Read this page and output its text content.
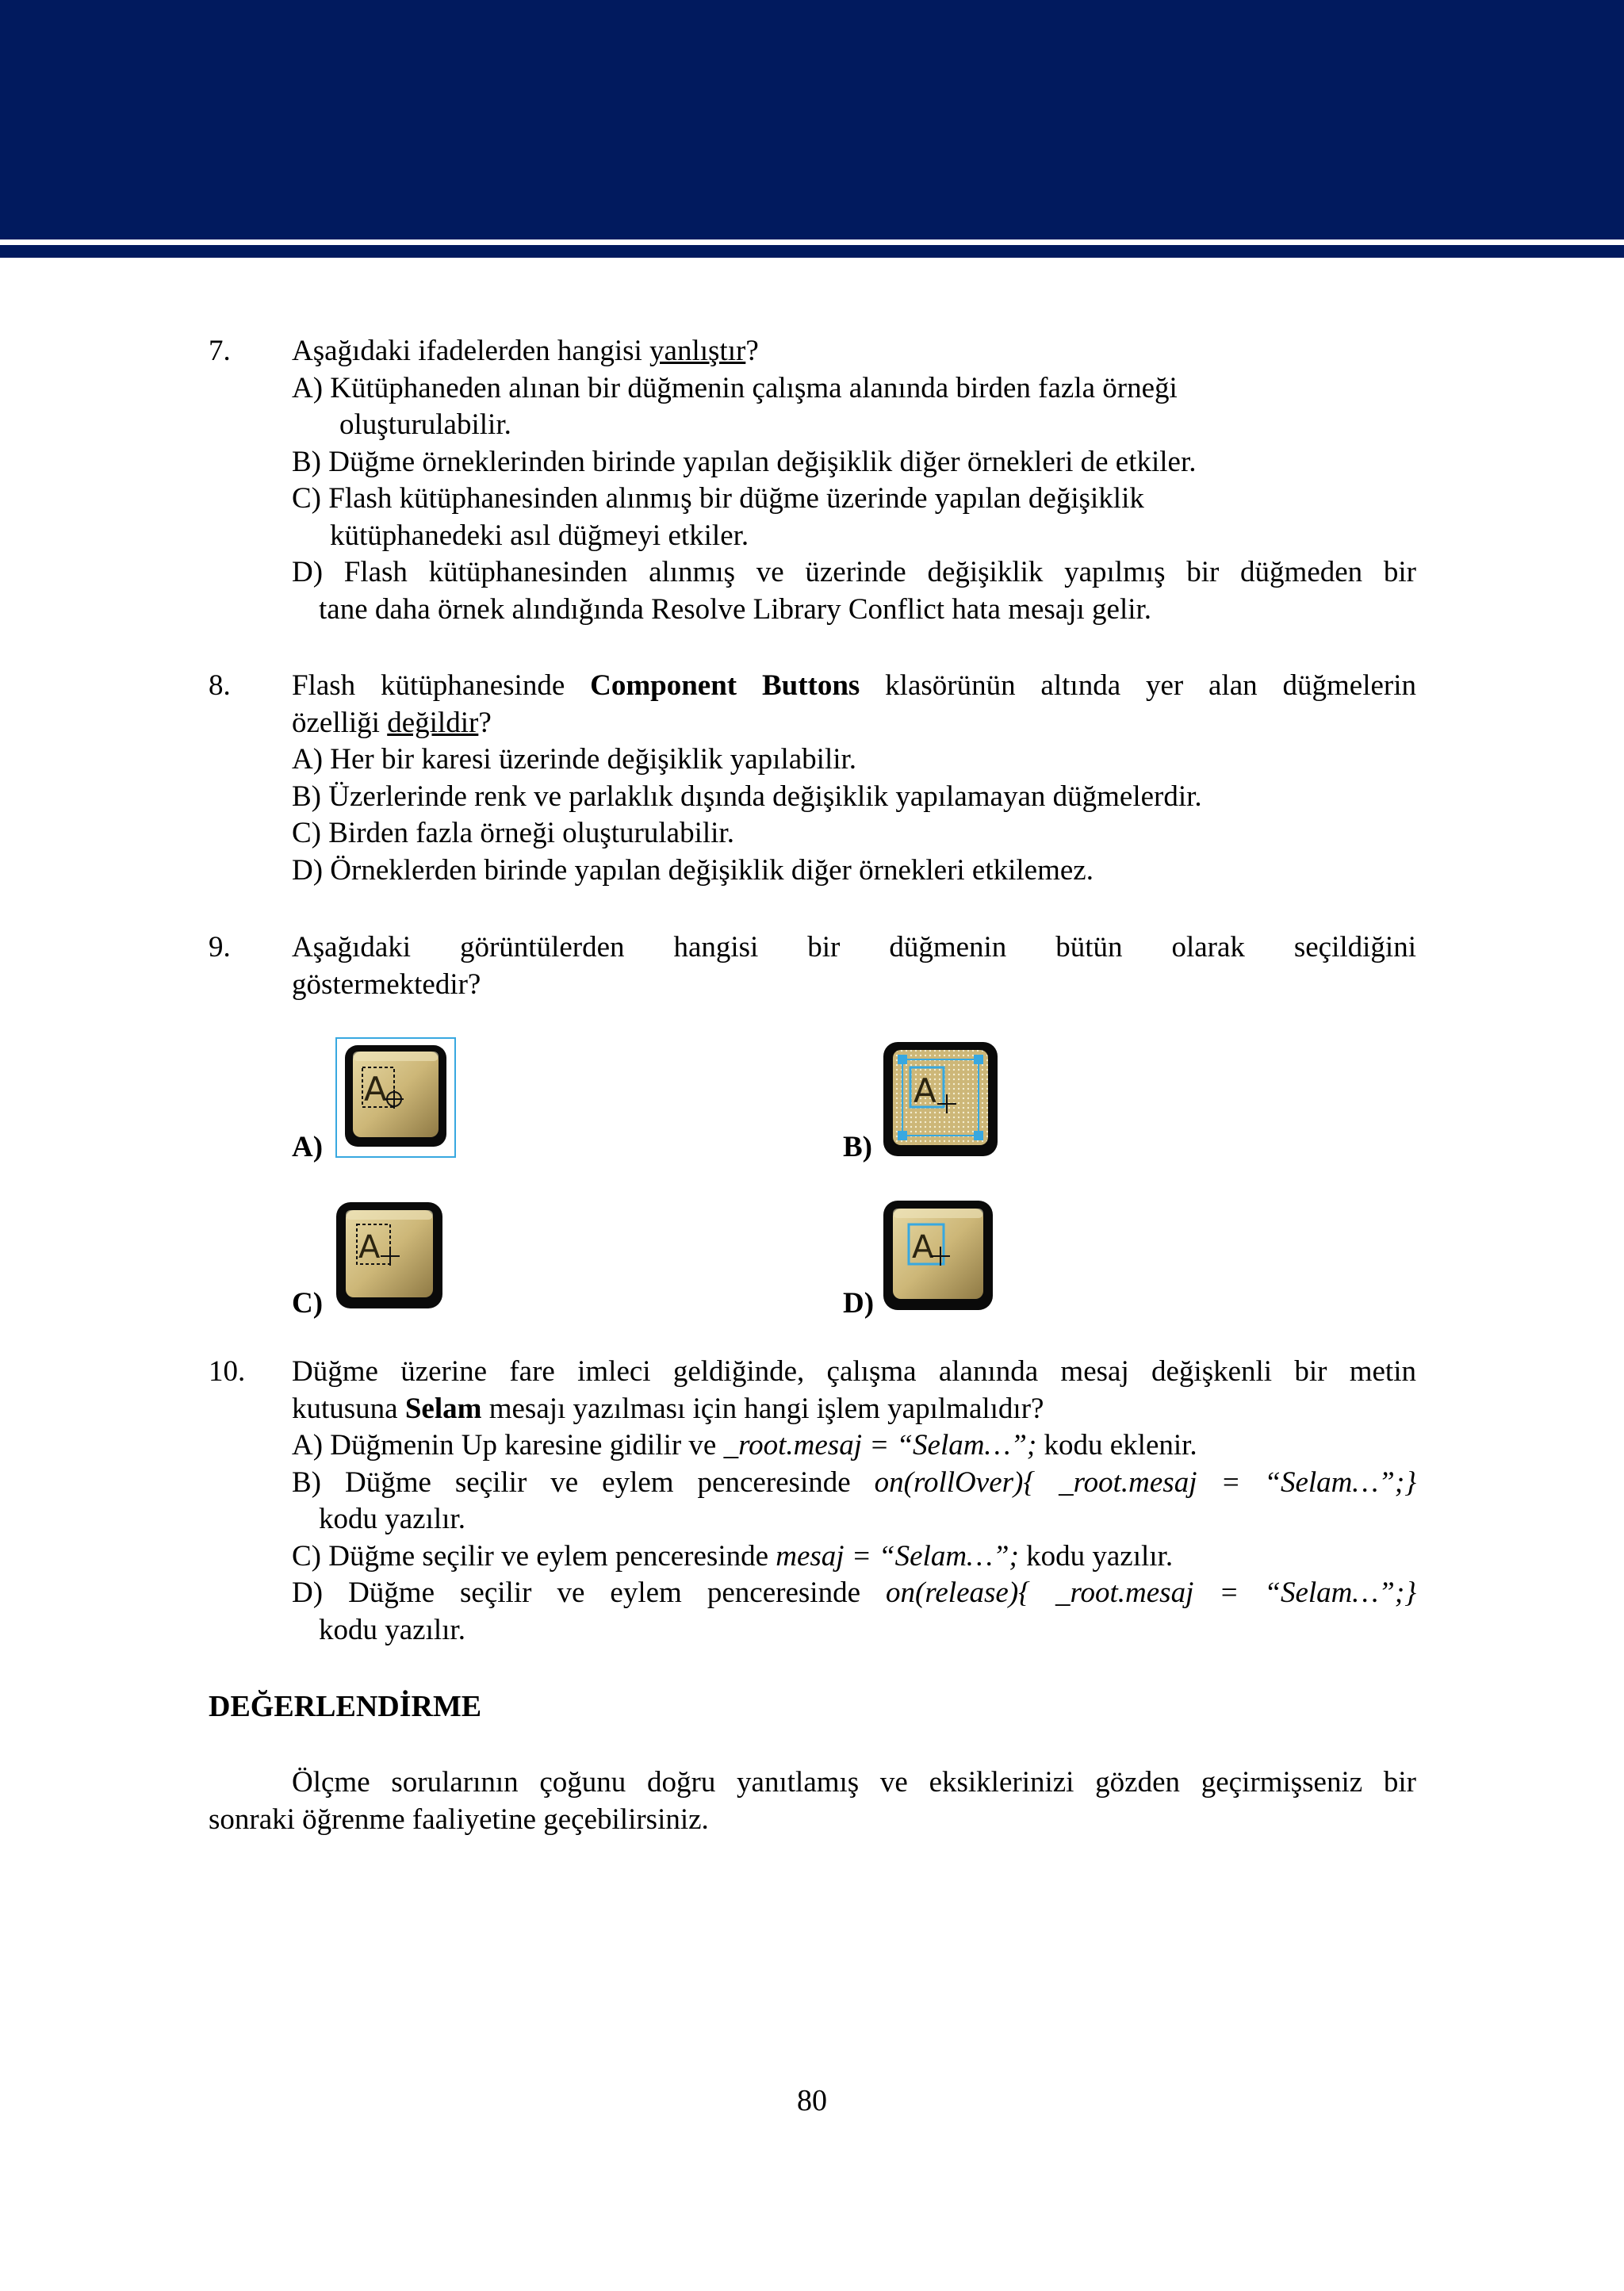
7. Aşağıdaki ifadelerden hangisi yanlıştır?
A) Kütüphaneden alınan bir düğmenin çalışma alanında birden fazla örneği
oluşturulabilir.
B) Düğme örneklerinden birinde yapılan değişiklik diğer örnekleri de etkiler.
C) Flash kütüphanesinden alınmış bir düğme üzerinde yapılan değişiklik
kütüphanedeki asıl düğmeyi etkiler.
D) Flash kütüphanesinden alınmış ve üzerinde değişiklik yapılmış bir düğmeden bir
tane daha örnek alındığında Resolve Library Conflict hata mesajı gelir.
8. Flash kütüphanesinde Component Buttons klasörünün altında yer alan düğmelerin
özelliği değildir?
A) Her bir karesi üzerinde değişiklik yapılabilir.
B) Üzerlerinde renk ve parlaklık dışında değişiklik yapılamayan düğmelerdir.
C) Birden fazla örneği oluşturulabilir.
D) Örneklerden birinde yapılan değişiklik diğer örnekleri etkilemez.
9. Aşağıdaki görüntülerden hangisi bir düğmenin bütün olarak seçildiğini
göstermektedir?
A)	B)
C)	D)
A	A
A	A
10. Düğme üzerine fare imleci geldiğinde, çalışma alanında mesaj değişkenli bir metin
kutusuna Selam mesajı yazılması için hangi işlem yapılmalıdır?
A) Düğmenin Up karesine gidilir ve _root.mesaj = “Selam…”; kodu eklenir.
B) Düğme seçilir ve eylem penceresinde on(rollOver){ _root.mesaj = “Selam…”;}
kodu yazılır.
C) Düğme seçilir ve eylem penceresinde mesaj = “Selam…”; kodu yazılır.
D) Düğme seçilir ve eylem penceresinde on(release){ _root.mesaj = “Selam…”;}
kodu yazılır.
DEĞERLENDİRME
Ölçme sorularının çoğunu doğru yanıtlamış ve eksiklerinizi gözden geçirmişseniz bir
sonraki öğrenme faaliyetine geçebilirsiniz.
80
